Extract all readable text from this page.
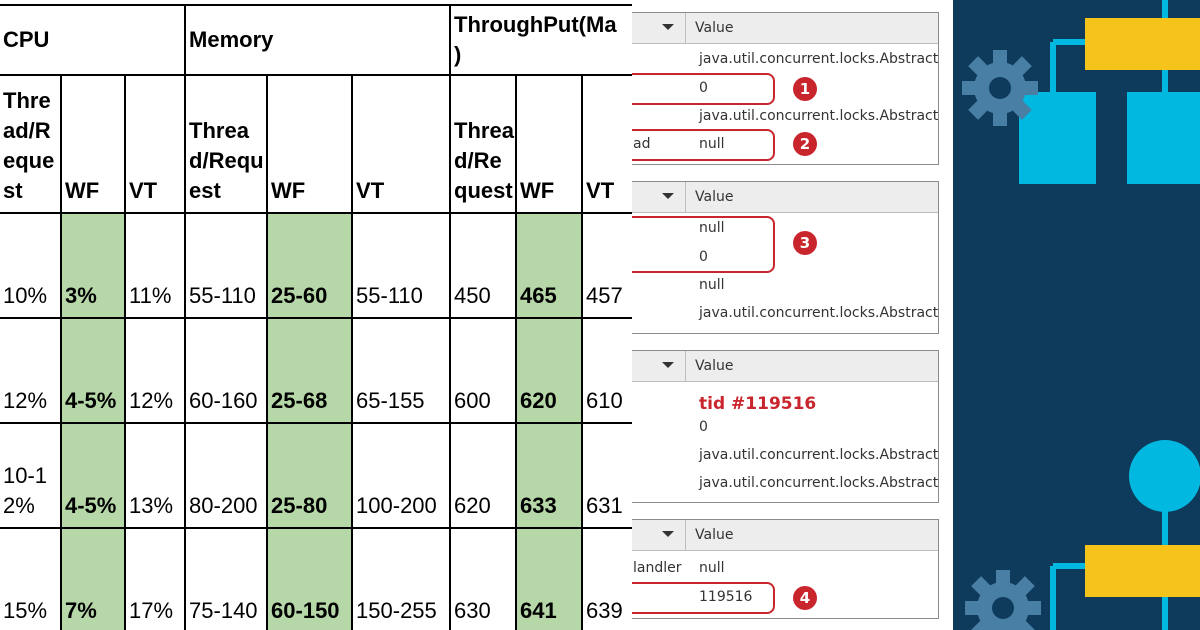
CPU			Memory			ThroughPut(Ma
)		
Thread/Request	WF	VT	Thread/Request	WF	VT	Thread/Request	WF	VT
10%	3%	11%	55-110	25-60	55-110	450	465	457
12%	4-5%	12%	60-160	25-68	65-155	600	620	610
10-12%	4-5%	13%	80-200	25-80	100-200	620	633	631
15%	7%	17%	75-140	60-150	150-255	630	641	639
Value
java.util.concurrent.locks.Abstract
0
java.util.concurrent.locks.Abstract
ad	null
1
2
Value
null
0
null
java.util.concurrent.locks.Abstract
3
Value
tid #119516
0
java.util.concurrent.locks.Abstract
java.util.concurrent.locks.Abstract
Value
landler null
119516	4
